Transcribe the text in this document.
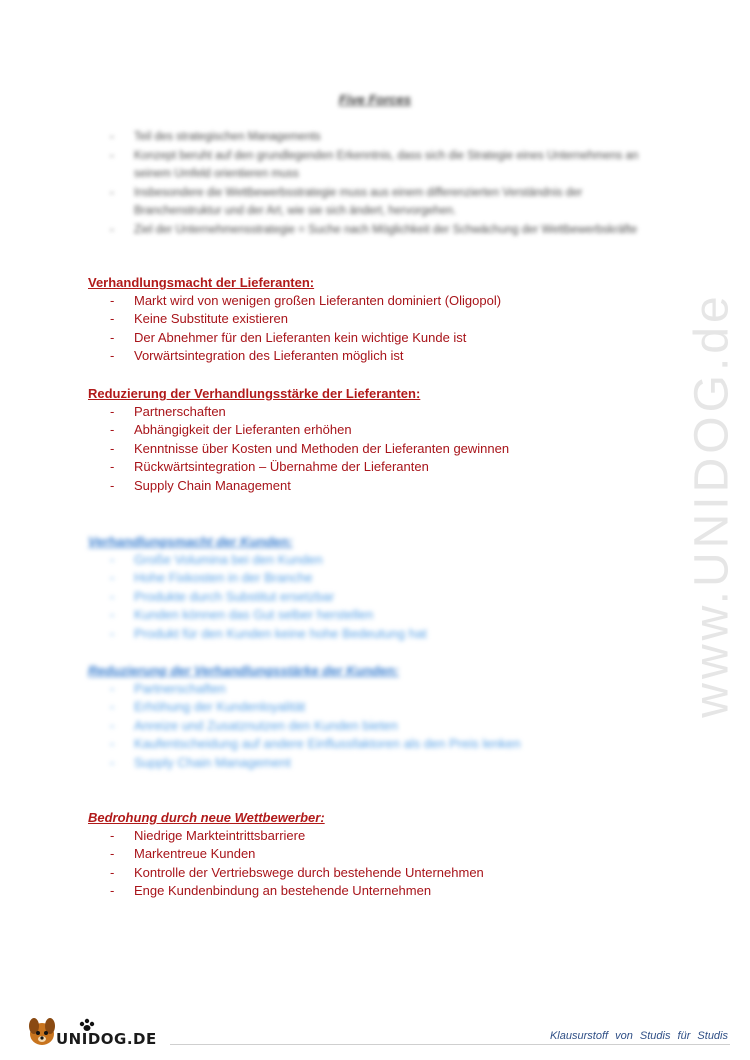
www.UNIDOG.de
Five Forces
- Teil des strategischen Managements
- Konzept beruht auf den grundlegenden Erkenntnis, dass sich die Strategie eines Unternehmens an seinem Umfeld orientieren muss
- Insbesondere die Wettbewerbsstrategie muss aus einem differenzierten Verständnis der Branchenstruktur und der Art, wie sie sich ändert, hervorgehen.
- Ziel der Unternehmensstrategie = Suche nach Möglichkeit der Schwächung der Wettbewerbskräfte
Verhandlungsmacht der Lieferanten:
- Markt wird von wenigen großen Lieferanten dominiert (Oligopol)
- Keine Substitute existieren
- Der Abnehmer für den Lieferanten kein wichtige Kunde ist
- Vorwärtsintegration des Lieferanten möglich ist
Reduzierung der Verhandlungsstärke der Lieferanten:
- Partnerschaften
- Abhängigkeit der Lieferanten erhöhen
- Kenntnisse über Kosten und Methoden der Lieferanten gewinnen
- Rückwärtsintegration – Übernahme der Lieferanten
- Supply Chain Management
Verhandlungsmacht der Kunden:
- Große Volumina bei den Kunden
- Hohe Fixkosten in der Branche
- Produkte durch Substitut ersetzbar
- Kunden können das Gut selber herstellen
- Produkt für den Kunden keine hohe Bedeutung hat
Reduzierung der Verhandlungsstärke der Kunden:
- Partnerschaften
- Erhöhung der Kundenloyalität
- Anreize und Zusatznutzen den Kunden bieten
- Kaufentscheidung auf andere Einflussfaktoren als den Preis lenken
- Supply Chain Management
Bedrohung durch neue Wettbewerber:
- Niedrige Markteintrittsbarriere
- Markentreue Kunden
- Kontrolle der Vertriebswege durch bestehende Unternehmen
- Enge Kundenbindung an bestehende Unternehmen
UNIDOG.DE	Klausurstoff von Studis für Studis
